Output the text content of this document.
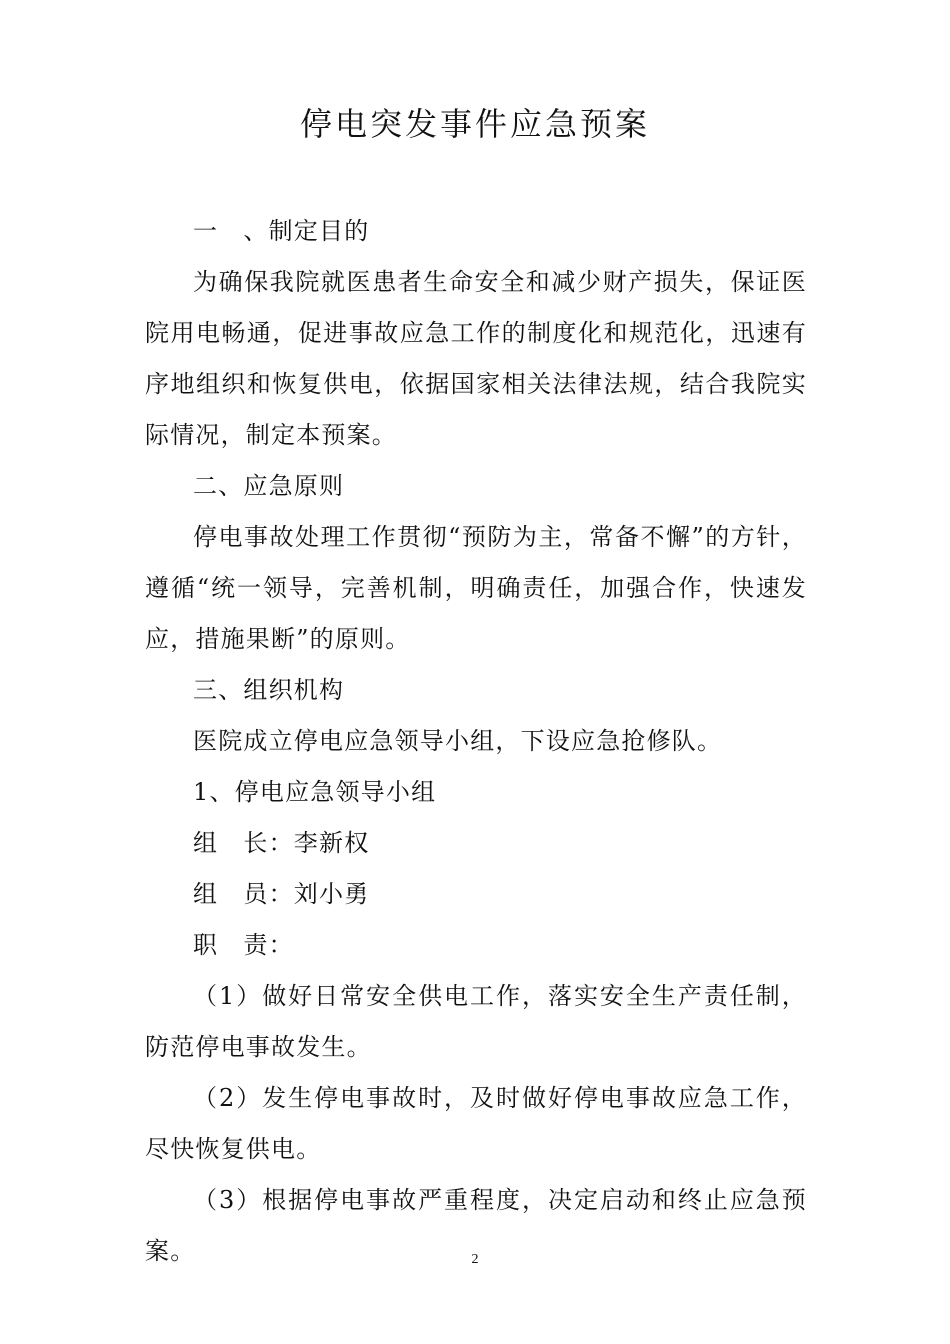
停电突发事件应急预案

一　、制定目的

为确保我院就医患者生命安全和减少财产损失，保证医院用电畅通，促进事故应急工作的制度化和规范化，迅速有序地组织和恢复供电，依据国家相关法律法规，结合我院实际情况，制定本预案。

二、应急原则

停电事故处理工作贯彻“预防为主，常备不懈”的方针，遵循“统一领导，完善机制，明确责任，加强合作，快速发应，措施果断”的原则。

三、组织机构

医院成立停电应急领导小组，下设应急抢修队。

1、停电应急领导小组

组　长：李新权

组　员：刘小勇

职　责：

（1）做好日常安全供电工作，落实安全生产责任制，防范停电事故发生。

（2）发生停电事故时，及时做好停电事故应急工作，尽快恢复供电。

（3）根据停电事故严重程度，决定启动和终止应急预案。	2
